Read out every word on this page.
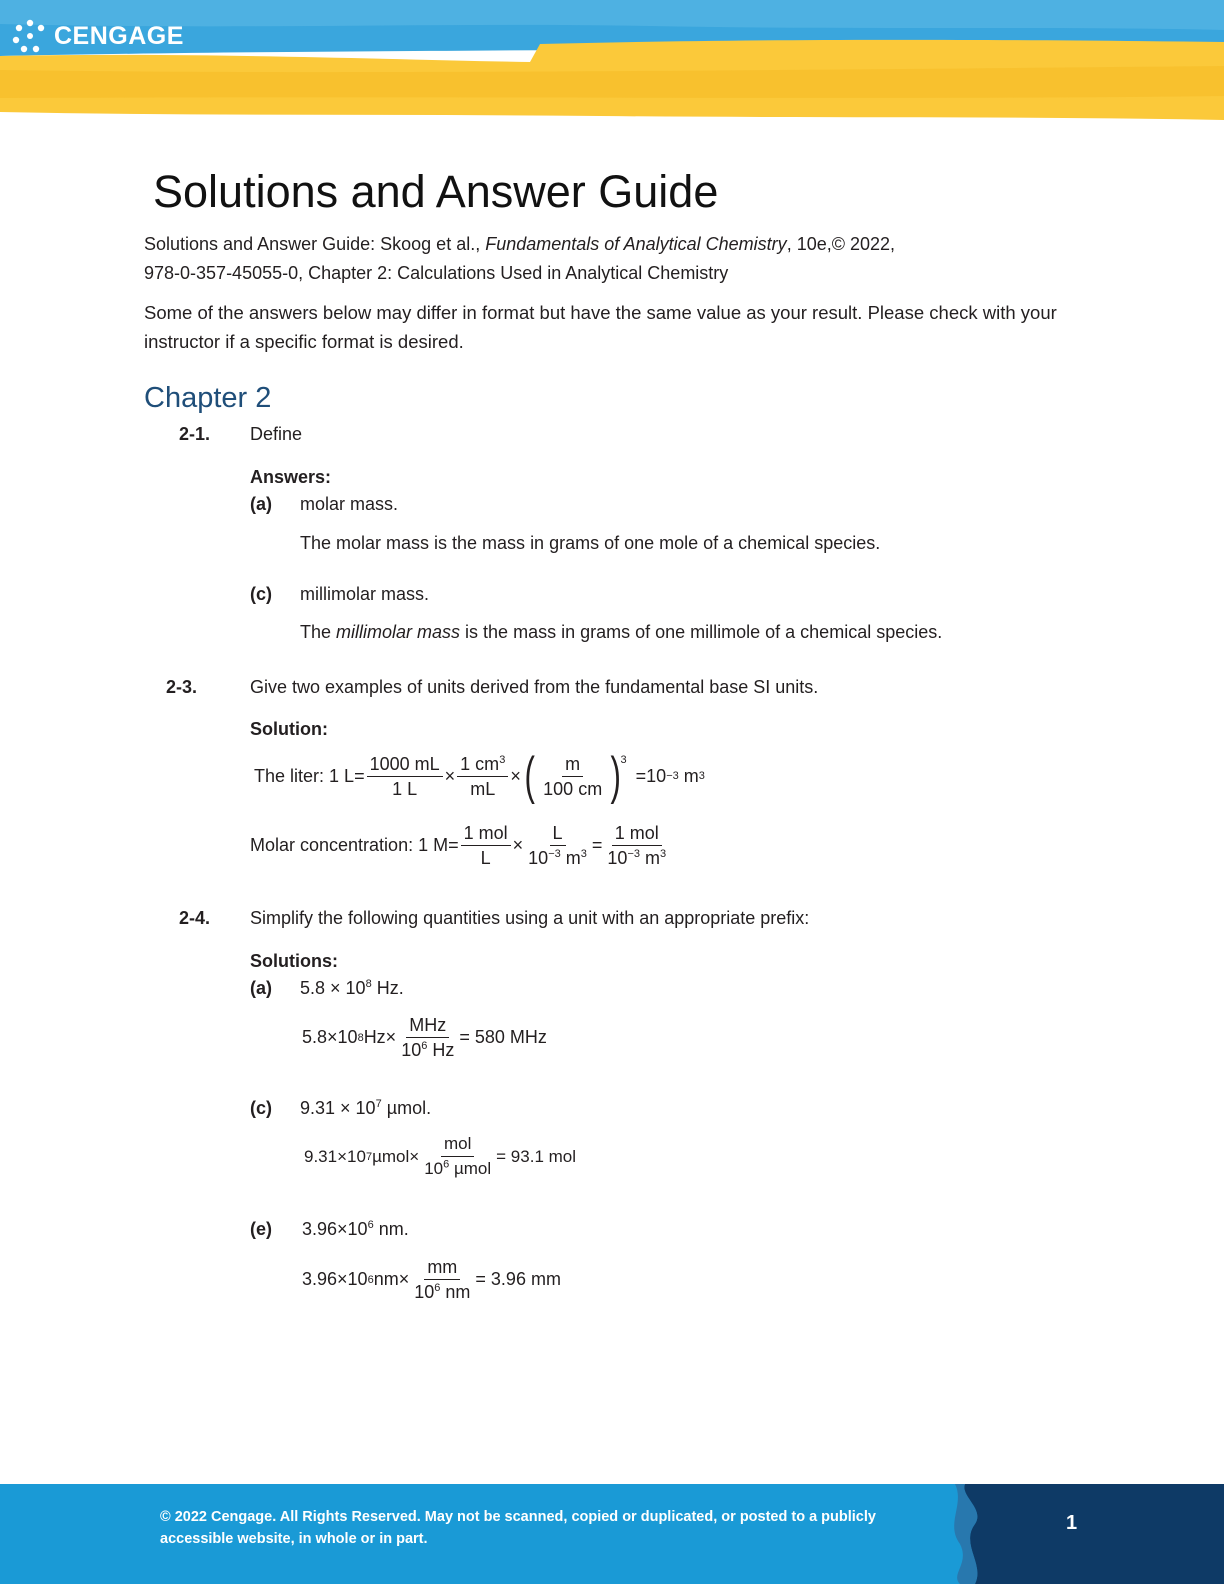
CENGAGE
Solutions and Answer Guide
Solutions and Answer Guide: Skoog et al., Fundamentals of Analytical Chemistry, 10e,© 2022,
978-0-357-45055-0, Chapter 2: Calculations Used in Analytical Chemistry
Some of the answers below may differ in format but have the same value as your result. Please check with your instructor if a specific format is desired.
Chapter 2
2-1. Define
Answers:
(a) molar mass.
The molar mass is the mass in grams of one mole of a chemical species.
(c) millimolar mass.
The millimolar mass is the mass in grams of one millimole of a chemical species.
2-3.	Give two examples of units derived from the fundamental base SI units.
Solution:
The liter:
1 $L = \frac{1000 mL}{1 L} \times \frac{1 cm^3}{mL}$ × ( $\frac{m}{100 cm} )^3$
= 10 −3
m 3
Molar concentration:
1 $M = \frac{\text{1 mol}}{L} \times \frac{L}{10^{-3} m^3} = \frac{\text{1 mol}}{10^{-3} m^3}$
2-4. Simplify the following quantities using a unit with an appropriate prefix:
Solutions:
(a) $5.8 \times 10^8$ Hz.
5.8×10 8 $Hz\times \frac{\text{MHz}}{10^6 Hz} = 580$ MHz
(c) $9.31 \times 10^7$ µmol.
9.31×10 7 $\mu mol\times \frac{\text{mol}}{10^6 \mu mol} = 93.1$ mol
(e) $3.96\times 10^6$ nm.
3.96×10 6 $nm\times \frac{mm}{10^6 nm} = 3.96$ mm
© 2022 Cengage. All Rights Reserved. May not be scanned, copied or duplicated, or posted to a publicly accessible website, in whole or in part.
1
